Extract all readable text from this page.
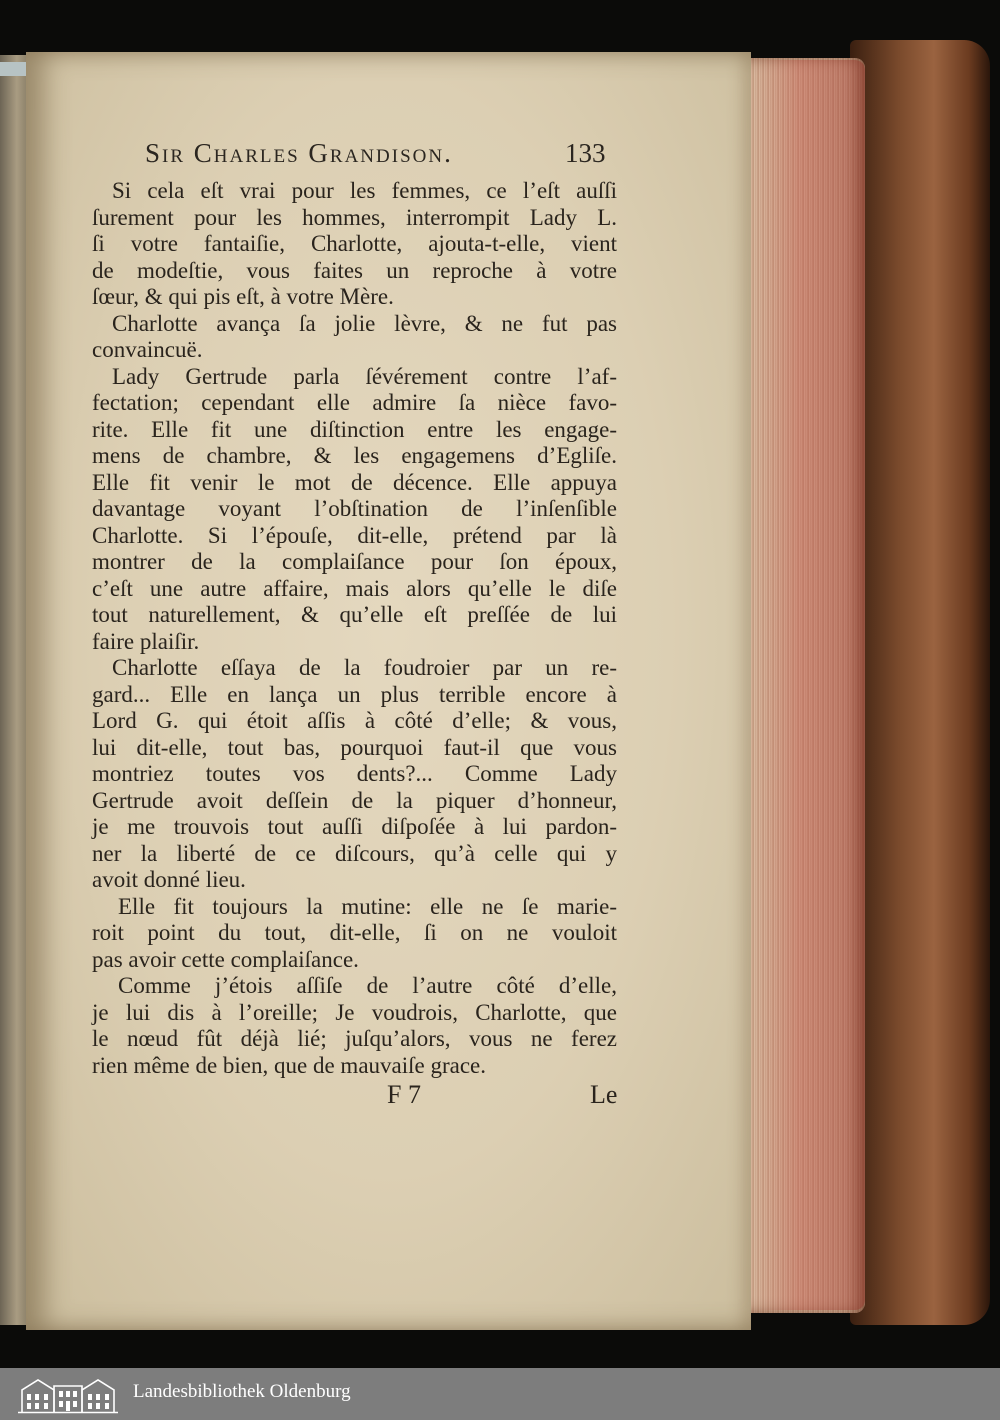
Sir Charles Grandison.	133
Si cela eſt vrai pour les femmes, ce l’eſt auſſi
ſurement pour les hommes, interrompit Lady L.
ſi votre fantaiſie, Charlotte, ajouta-t-elle, vient
de modeſtie, vous faites un reproche à votre
ſœur, & qui pis eſt, à votre Mère.
Charlotte avança ſa jolie lèvre, & ne fut pas
convaincuë.
Lady Gertrude parla ſévérement contre l’af-
fectation; cependant elle admire ſa nièce favo-
rite. Elle fit une diſtinction entre les engage-
mens de chambre, & les engagemens d’Egliſe.
Elle fit venir le mot de décence. Elle appuya
davantage voyant l’obſtination de l’inſenſible
Charlotte. Si l’épouſe, dit-elle, prétend par là
montrer de la complaiſance pour ſon époux,
c’eſt une autre affaire, mais alors qu’elle le diſe
tout naturellement, & qu’elle eſt preſſée de lui
faire plaiſir.
Charlotte eſſaya de la foudroier par un re-
gard... Elle en lança un plus terrible encore à
Lord G. qui étoit aſſis à côté d’elle; & vous,
lui dit-elle, tout bas, pourquoi faut-il que vous
montriez toutes vos dents?... Comme Lady
Gertrude avoit deſſein de la piquer d’honneur,
je me trouvois tout auſſi diſpoſée à lui pardon-
ner la liberté de ce diſcours, qu’à celle qui y
avoit donné lieu.
Elle fit toujours la mutine: elle ne ſe marie-
roit point du tout, dit-elle, ſi on ne vouloit
pas avoir cette complaiſance.
Comme j’étois aſſiſe de l’autre côté d’elle,
je lui dis à l’oreille; Je voudrois, Charlotte, que
le nœud fût déjà lié; juſqu’alors, vous ne ferez
rien même de bien, que de mauvaiſe grace.
F 7	Le
Landesbibliothek Oldenburg
